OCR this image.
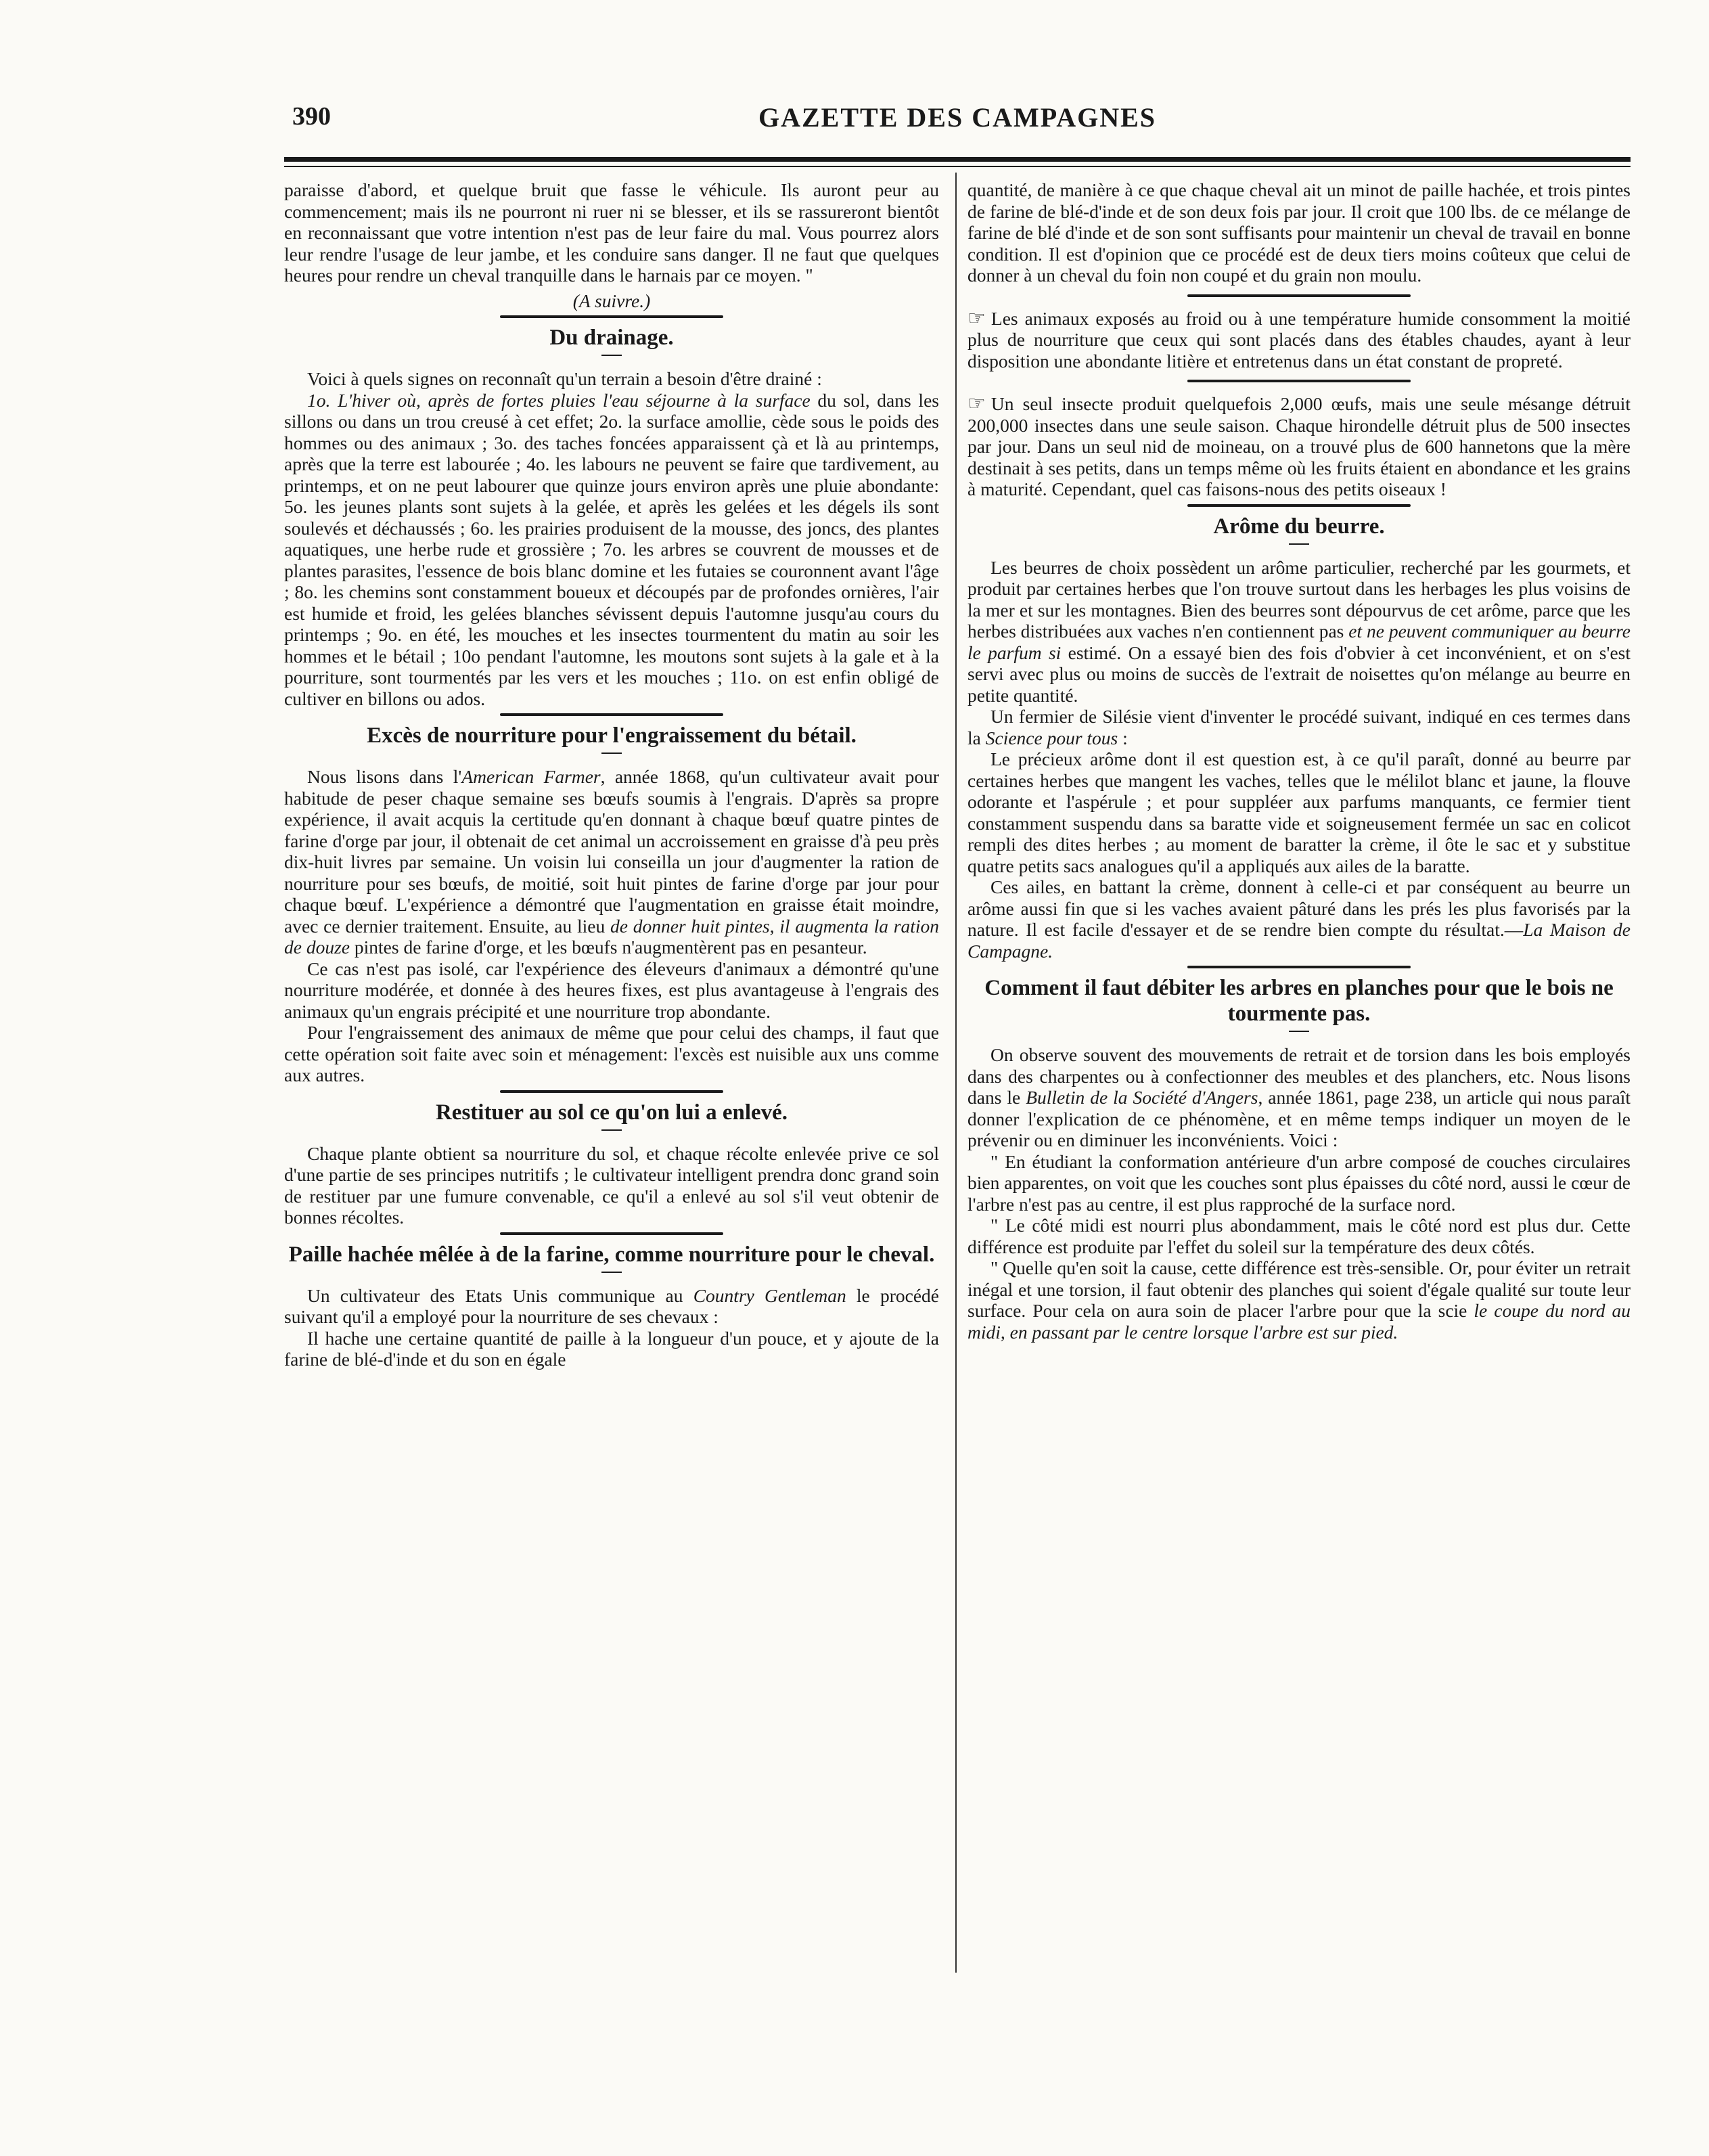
390	GAZETTE DES CAMPAGNES

paraisse d'abord, et quelque bruit que fasse le véhicule. Ils auront peur au commencement; mais ils ne pourront ni ruer ni se blesser, et ils se rassureront bientôt en reconnaissant que votre intention n'est pas de leur faire du mal. Vous pourrez alors leur rendre l'usage de leur jambe, et les conduire sans danger. Il ne faut que quelques heures pour rendre un cheval tranquille dans le harnais par ce moyen. "

(A suivre.)
Du drainage.

Voici à quels signes on reconnaît qu'un terrain a besoin d'être drainé :

1o. L'hiver où, après de fortes pluies l'eau séjourne à la surface du sol, dans les sillons ou dans un trou creusé à cet effet; 2o. la surface amollie, cède sous le poids des hommes ou des animaux ; 3o. des taches foncées apparaissent çà et là au printemps, après que la terre est labourée ; 4o. les labours ne peuvent se faire que tardivement, au printemps, et on ne peut labourer que quinze jours environ après une pluie abondante: 5o. les jeunes plants sont sujets à la gelée, et après les gelées et les dégels ils sont soulevés et déchaussés ; 6o. les prairies produisent de la mousse, des joncs, des plantes aquatiques, une herbe rude et grossière ; 7o. les arbres se couvrent de mousses et de plantes parasites, l'essence de bois blanc domine et les futaies se couronnent avant l'âge ; 8o. les chemins sont constamment boueux et découpés par de profondes ornières, l'air est humide et froid, les gelées blanches sévissent depuis l'automne jusqu'au cours du printemps ; 9o. en été, les mouches et les insectes tourmentent du matin au soir les hommes et le bétail ; 10o pendant l'automne, les moutons sont sujets à la gale et à la pourriture, sont tourmentés par les vers et les mouches ; 11o. on est enfin obligé de cultiver en billons ou ados.

Excès de nourriture pour l'engraissement du bétail.

Nous lisons dans l'American Farmer, année 1868, qu'un cultivateur avait pour habitude de peser chaque semaine ses bœufs soumis à l'engrais. D'après sa propre expérience, il avait acquis la certitude qu'en donnant à chaque bœuf quatre pintes de farine d'orge par jour, il obtenait de cet animal un accroissement en graisse d'à peu près dix-huit livres par semaine. Un voisin lui conseilla un jour d'augmenter la ration de nourriture pour ses bœufs, de moitié, soit huit pintes de farine d'orge par jour pour chaque bœuf. L'expérience a démontré que l'augmentation en graisse était moindre, avec ce dernier traitement. Ensuite, au lieu de donner huit pintes, il augmenta la ration de douze pintes de farine d'orge, et les bœufs n'augmentèrent pas en pesanteur.

Ce cas n'est pas isolé, car l'expérience des éleveurs d'animaux a démontré qu'une nourriture modérée, et donnée à des heures fixes, est plus avantageuse à l'engrais des animaux qu'un engrais précipité et une nourriture trop abondante.

Pour l'engraissement des animaux de même que pour celui des champs, il faut que cette opération soit faite avec soin et ménagement: l'excès est nuisible aux uns comme aux autres.

Restituer au sol ce qu'on lui a enlevé.

Chaque plante obtient sa nourriture du sol, et chaque récolte enlevée prive ce sol d'une partie de ses principes nutritifs ; le cultivateur intelligent prendra donc grand soin de restituer par une fumure convenable, ce qu'il a enlevé au sol s'il veut obtenir de bonnes récoltes.

Paille hachée mêlée à de la farine, comme nourriture pour le cheval.

Un cultivateur des Etats Unis communique au Country Gentleman le procédé suivant qu'il a employé pour la nourriture de ses chevaux :

Il hache une certaine quantité de paille à la longueur d'un pouce, et y ajoute de la farine de blé-d'inde et du son en égale

quantité, de manière à ce que chaque cheval ait un minot de paille hachée, et trois pintes de farine de blé-d'inde et de son deux fois par jour. Il croit que 100 lbs. de ce mélange de farine de blé d'inde et de son sont suffisants pour maintenir un cheval de travail en bonne condition. Il est d'opinion que ce procédé est de deux tiers moins coûteux que celui de donner à un cheval du foin non coupé et du grain non moulu.

☞ Les animaux exposés au froid ou à une température humide consomment la moitié plus de nourriture que ceux qui sont placés dans des étables chaudes, ayant à leur disposition une abondante litière et entretenus dans un état constant de propreté.

☞ Un seul insecte produit quelquefois 2,000 œufs, mais une seule mésange détruit 200,000 insectes dans une seule saison. Chaque hirondelle détruit plus de 500 insectes par jour. Dans un seul nid de moineau, on a trouvé plus de 600 hannetons que la mère destinait à ses petits, dans un temps même où les fruits étaient en abondance et les grains à maturité. Cependant, quel cas faisons-nous des petits oiseaux !

Arôme du beurre.

Les beurres de choix possèdent un arôme particulier, recherché par les gourmets, et produit par certaines herbes que l'on trouve surtout dans les herbages les plus voisins de la mer et sur les montagnes. Bien des beurres sont dépourvus de cet arôme, parce que les herbes distribuées aux vaches n'en contiennent pas et ne peuvent communiquer au beurre le parfum si estimé. On a essayé bien des fois d'obvier à cet inconvénient, et on s'est servi avec plus ou moins de succès de l'extrait de noisettes qu'on mélange au beurre en petite quantité.

Un fermier de Silésie vient d'inventer le procédé suivant, indiqué en ces termes dans la Science pour tous :

Le précieux arôme dont il est question est, à ce qu'il paraît, donné au beurre par certaines herbes que mangent les vaches, telles que le mélilot blanc et jaune, la flouve odorante et l'aspérule ; et pour suppléer aux parfums manquants, ce fermier tient constamment suspendu dans sa baratte vide et soigneusement fermée un sac en colicot rempli des dites herbes ; au moment de baratter la crème, il ôte le sac et y substitue quatre petits sacs analogues qu'il a appliqués aux ailes de la baratte.

Ces ailes, en battant la crème, donnent à celle-ci et par conséquent au beurre un arôme aussi fin que si les vaches avaient pâturé dans les prés les plus favorisés par la nature. Il est facile d'essayer et de se rendre bien compte du résultat.—La Maison de Campagne.

Comment il faut débiter les arbres en planches pour que le bois ne tourmente pas.

On observe souvent des mouvements de retrait et de torsion dans les bois employés dans des charpentes ou à confectionner des meubles et des planchers, etc. Nous lisons dans le Bulletin de la Société d'Angers, année 1861, page 238, un article qui nous paraît donner l'explication de ce phénomène, et en même temps indiquer un moyen de le prévenir ou en diminuer les inconvénients. Voici :

" En étudiant la conformation antérieure d'un arbre composé de couches circulaires bien apparentes, on voit que les couches sont plus épaisses du côté nord, aussi le cœur de l'arbre n'est pas au centre, il est plus rapproché de la surface nord.

" Le côté midi est nourri plus abondamment, mais le côté nord est plus dur. Cette différence est produite par l'effet du soleil sur la température des deux côtés.

" Quelle qu'en soit la cause, cette différence est très-sensible. Or, pour éviter un retrait inégal et une torsion, il faut obtenir des planches qui soient d'égale qualité sur toute leur surface. Pour cela on aura soin de placer l'arbre pour que la scie le coupe du nord au midi, en passant par le centre lorsque l'arbre est sur pied.
